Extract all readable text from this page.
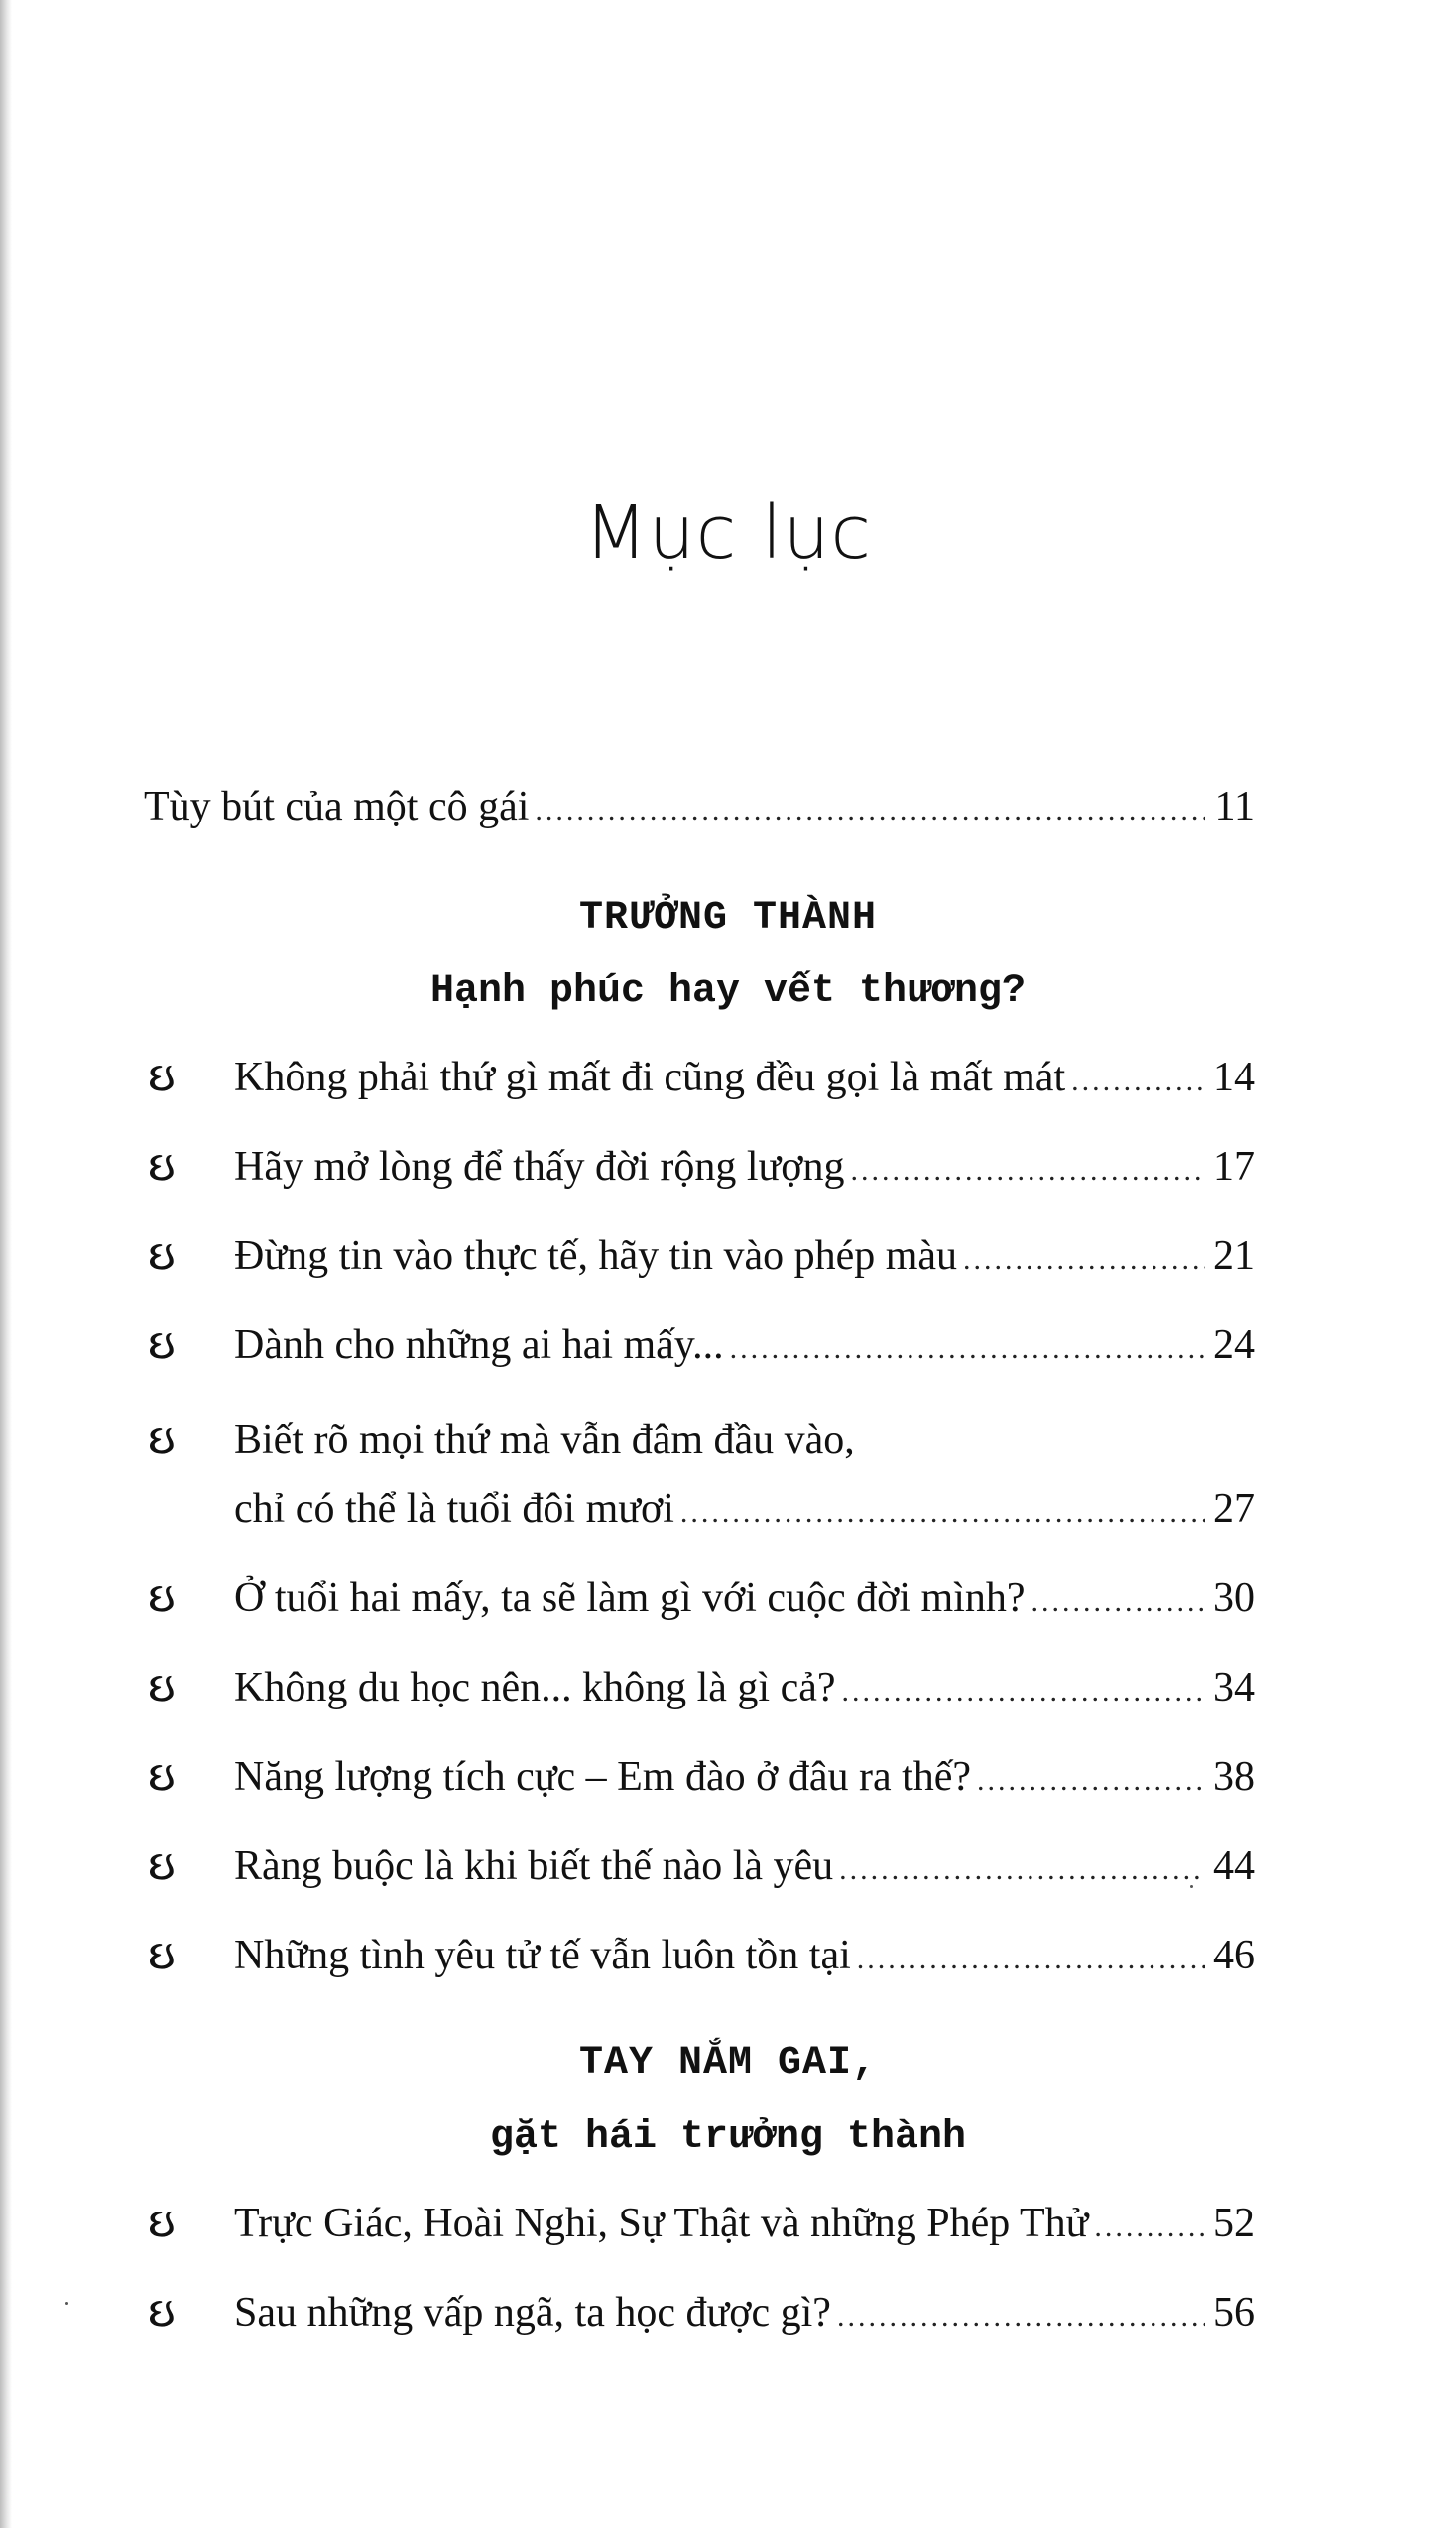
Mục lục
Tùy bút của một cô gái .....	11
TRƯỞNG THÀNH
Hạnh phúc hay vết thương?
ઇ	Không phải thứ gì mất đi cũng đều gọi là mất mát .....	14
ઇ	Hãy mở lòng để thấy đời rộng lượng .....	17
ઇ	Đừng tin vào thực tế, hãy tin vào phép màu .....	21
ઇ	Dành cho những ai hai mấy... .....	24
ઇ	Biết rõ mọi thứ mà vẫn đâm đầu vào,
chỉ có thể là tuổi đôi mươi .....	27
ઇ	Ở tuổi hai mấy, ta sẽ làm gì với cuộc đời mình? .....	30
ઇ	Không du học nên... không là gì cả? .....	34
ઇ	Năng lượng tích cực – Em đào ở đâu ra thế? .....	38
ઇ	Ràng buộc là khi biết thế nào là yêu .....	44
ઇ	Những tình yêu tử tế vẫn luôn tồn tại .....	46
TAY NẮM GAI,
gặt hái trưởng thành
ઇ	Trực Giác, Hoài Nghi, Sự Thật và những Phép Thử .....	52
ઇ	Sau những vấp ngã, ta học được gì? .....	56
